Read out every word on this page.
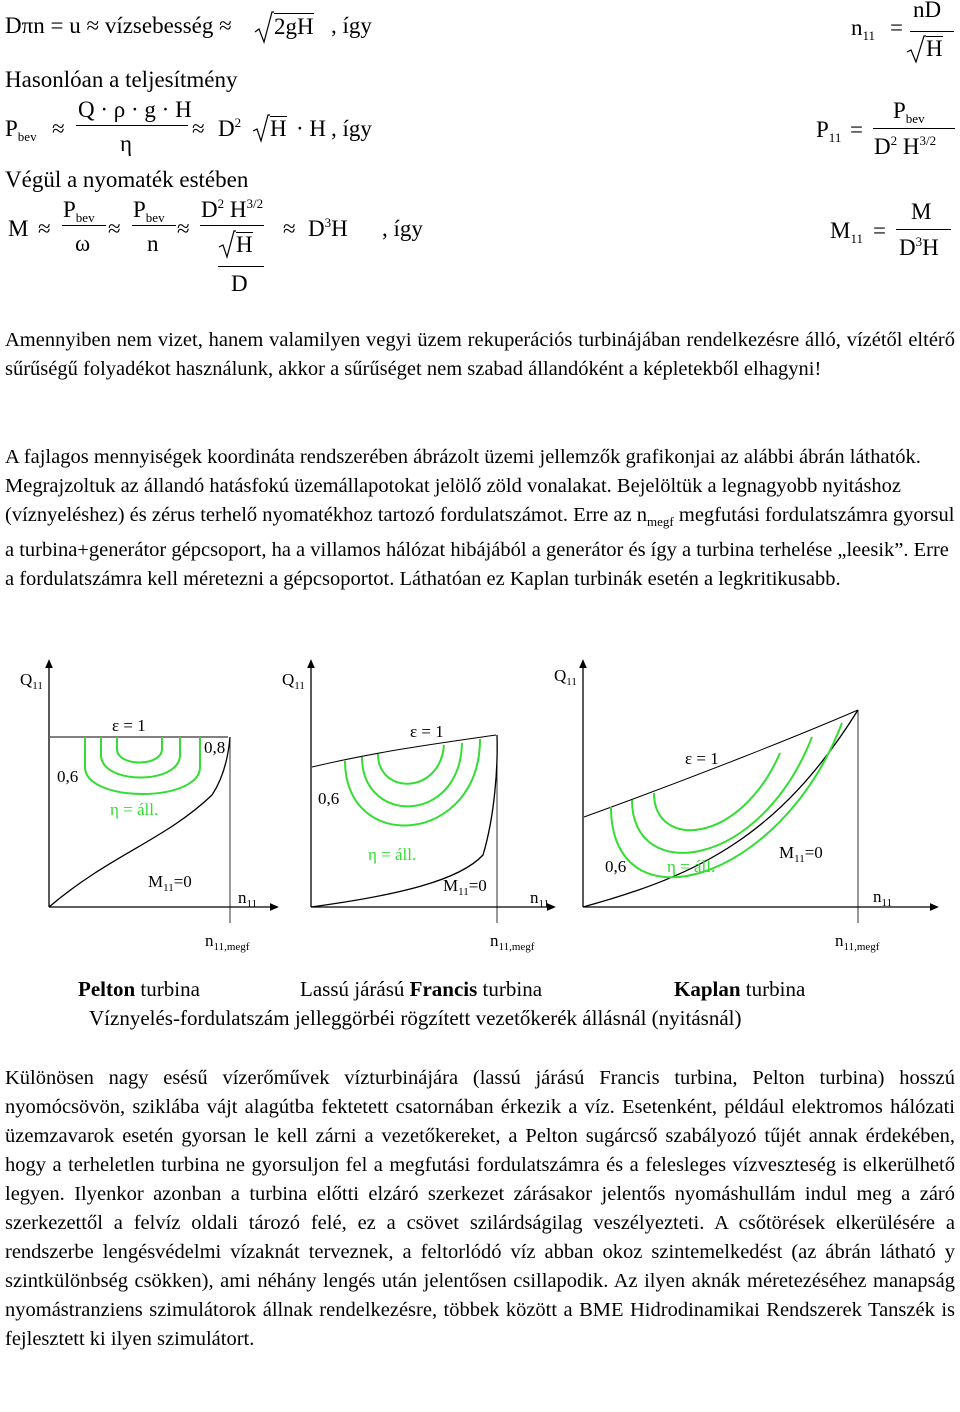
Dπn = u ≈ vízsebesség ≈ 2gH , így	$n_{11}$ =
nD
H
Hasonlóan a teljesítmény
$P_{bev}$ ≈
Q · ρ · g · H
η
≈ $D^2$ H · H , így	$P_{11}$ =
$P_{bev}$
$D^2$ $H^{3/2}$
Végül a nyomaték estében
M ≈
$P_{bev}$
ω
≈
$P_{bev}$
n
≈
$D^2$ $H^{3/2}$
H
D
≈ $D^3H$ , így	$M_{11}$ =
M
$D^3H$
Amennyiben nem vizet, hanem valamilyen vegyi üzem rekuperációs turbinájában rendelkezésre álló, vízétől eltérő sűrűségű folyadékot használunk, akkor a sűrűséget nem szabad állandóként a képletekből elhagyni!
A fajlagos mennyiségek koordináta rendszerében ábrázolt üzemi jellemzők grafikonjai az alábbi ábrán láthatók. Megrajzoltuk az állandó hatásfokú üzemállapotokat jelölő zöld vonalakat. Bejelöltük a legnagyobb nyitáshoz (víznyeléshez) és zérus terhelő nyomatékhoz tartozó fordulatszámot. Erre az $n_{megf}$ megfutási fordulatszámra gyorsul a turbina+generátor gépcsoport, ha a villamos hálózat hibájából a generátor és így a turbina terhelése „leesik”. Erre a fordulatszámra kell méretezni a gépcsoportot. Láthatóan ez Kaplan turbinák esetén a legkritikusabb.
$Q_{11}$
$n_{11}$
ε = 1
0,8
0,6
η = áll.
$M_{11}=0$
$n_{11,megf}$
$Q_{11}$
$n_{11}$
ε = 1
0,6
η = áll.
$M_{11}=0$
$n_{11,megf}$
$Q_{11}$
$n_{11}$
ε = 1
0,6 η = áll.
$M_{11}=0$
$n_{11,megf}$
Pelton turbina	Lassú járású Francis turbina	Kaplan turbina
Víznyelés-fordulatszám jelleggörbéi rögzített vezetőkerék állásnál (nyitásnál)
Különösen nagy esésű vízerőművek vízturbinájára (lassú járású Francis turbina, Pelton turbina) hosszú nyomócsövön, sziklába vájt alagútba fektetett csatornában érkezik a víz. Esetenként, például elektromos hálózati üzemzavarok esetén gyorsan le kell zárni a vezetőkereket, a Pelton sugárcső szabályozó tűjét annak érdekében, hogy a terheletlen turbina ne gyorsuljon fel a megfutási fordulatszámra és a felesleges vízveszteség is elkerülhető legyen. Ilyenkor azonban a turbina előtti elzáró szerkezet zárásakor jelentős nyomáshullám indul meg a záró szerkezettől a felvíz oldali tározó felé, ez a csövet szilárdságilag veszélyezteti. A csőtörések elkerülésére a rendszerbe lengésvédelmi vízaknát terveznek, a feltorlódó víz abban okoz szintemelkedést (az ábrán látható y szintkülönbség csökken), ami néhány lengés után jelentősen csillapodik. Az ilyen aknák méretezéséhez manapság nyomástranziens szimulátorok állnak rendelkezésre, többek között a BME Hidrodinamikai Rendszerek Tanszék is fejlesztett ki ilyen szimulátort.
